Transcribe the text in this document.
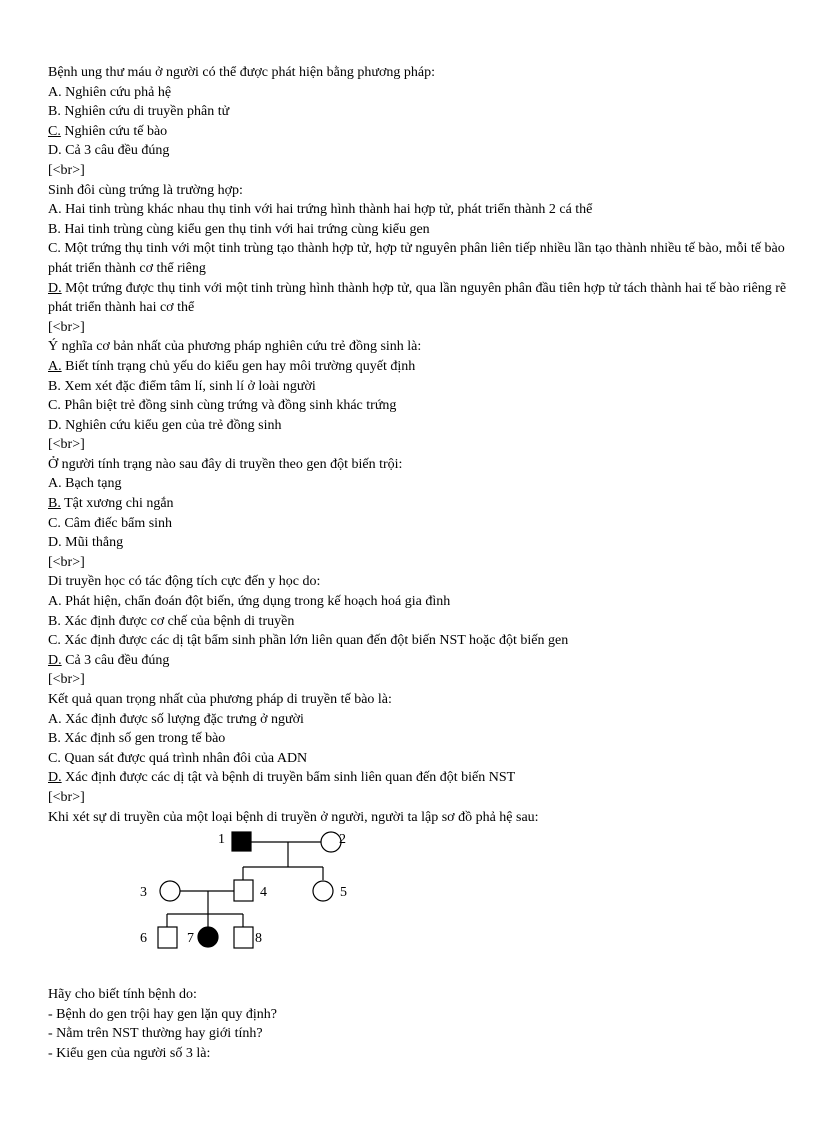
Bệnh ung thư máu ở người có thể được phát hiện bằng phương pháp:
A. Nghiên cứu phả hệ
B. Nghiên cứu di truyền phân tử
C. Nghiên cứu tế bào
D. Cả 3 câu đều đúng
[<br>]
Sinh đôi cùng trứng là trường hợp:
A. Hai tinh trùng khác nhau thụ tinh với hai trứng hình thành hai hợp tử, phát triển thành 2 cá thể
B. Hai tinh trùng cùng kiểu gen thụ tinh với hai trứng cùng kiểu gen
C. Một trứng thụ tinh với một tinh trùng tạo thành hợp tử, hợp tử nguyên phân liên tiếp nhiều lần tạo thành nhiều tế bào, mỗi tế bào phát triển thành cơ thể riêng
D. Một trứng được thụ tinh với một tinh trùng hình thành hợp tử, qua lần nguyên phân đầu tiên hợp tử tách thành hai tế bào riêng rẽ phát triển thành hai cơ thể
[<br>]
Ý nghĩa cơ bản nhất của phương pháp nghiên cứu trẻ đồng sinh là:
A. Biết tính trạng chủ yếu do kiểu gen hay môi trường quyết định
B. Xem xét đặc điểm tâm lí, sinh lí ở loài người
C. Phân biệt trẻ đồng sinh cùng trứng và đồng sinh khác trứng
D. Nghiên cứu kiểu gen của trẻ đồng sinh
[<br>]
Ở người tính trạng nào sau đây di truyền theo gen đột biến trội:
A. Bạch tạng
B. Tật xương chi ngắn
C. Câm điếc bẩm sinh
D. Mũi thẳng
[<br>]
Di truyền học có tác động tích cực đến y học do:
A. Phát hiện, chẩn đoán đột biến, ứng dụng trong kế hoạch hoá gia đình
B. Xác định được cơ chế của bệnh di truyền
C. Xác định được các dị tật bẩm sinh phần lớn liên quan đến đột biến NST hoặc đột biến gen
D. Cả 3 câu đều đúng
[<br>]
Kết quả quan trọng nhất của phương pháp di truyền tế bào là:
A. Xác định được số lượng đặc trưng ở người
B. Xác định số gen trong tế bào
C. Quan sát được quá trình nhân đôi của ADN
D. Xác định được các dị tật và bệnh di truyền bẩm sinh liên quan đến đột biến NST
[<br>]
Khi xét sự di truyền của một loại bệnh di truyền ở người, người ta lập sơ đồ phả hệ sau:
1	2
3	4	5
6	7	8
Hãy cho biết tính bệnh do:
- Bệnh do gen trội hay gen lặn quy định?
- Nằm trên NST thường hay giới tính?
- Kiểu gen của người số 3 là:
